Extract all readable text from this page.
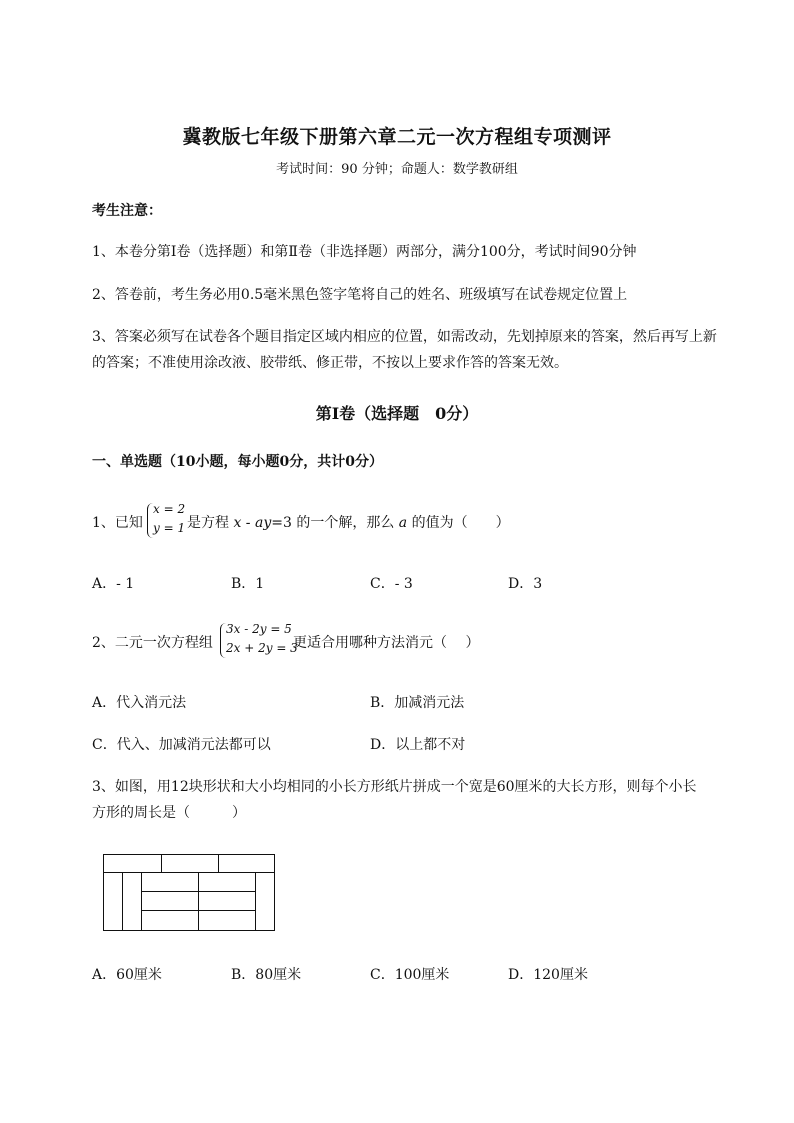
冀教版七年级下册第六章二元一次方程组专项测评
考试时间：90 分钟；命题人：数学教研组
考生注意：
1、本卷分第I卷（选择题）和第Ⅱ卷（非选择题）两部分，满分100分，考试时间90分钟
2、答卷前，考生务必用0.5毫米黑色签字笔将自己的姓名、班级填写在试卷规定位置上
3、答案必须写在试卷各个题目指定区域内相应的位置，如需改动，先划掉原来的答案，然后再写上新
的答案；不准使用涂改液、胶带纸、修正带，不按以上要求作答的答案无效。
第I卷（选择题　0分）
一、单选题（10小题，每小题0分，共计0分）
1、已知
x = 2
y = 1 是方程 x - ay=3 的一个解，那么 a 的值为（　　）
A．- 1	B．1	C．- 3	D．3
2、二元一次方程组
3x - 2y = 5
2x + 2y = 3
更适合用哪种方法消元（　 ）
A．代入消元法	B．加减消元法
C．代入、加减消元法都可以	D．以上都不对
3、如图，用12块形状和大小均相同的小长方形纸片拼成一个宽是60厘米的大长方形，则每个小长
方形的周长是（　　　）
A．60厘米	B．80厘米	C．100厘米	D．120厘米
